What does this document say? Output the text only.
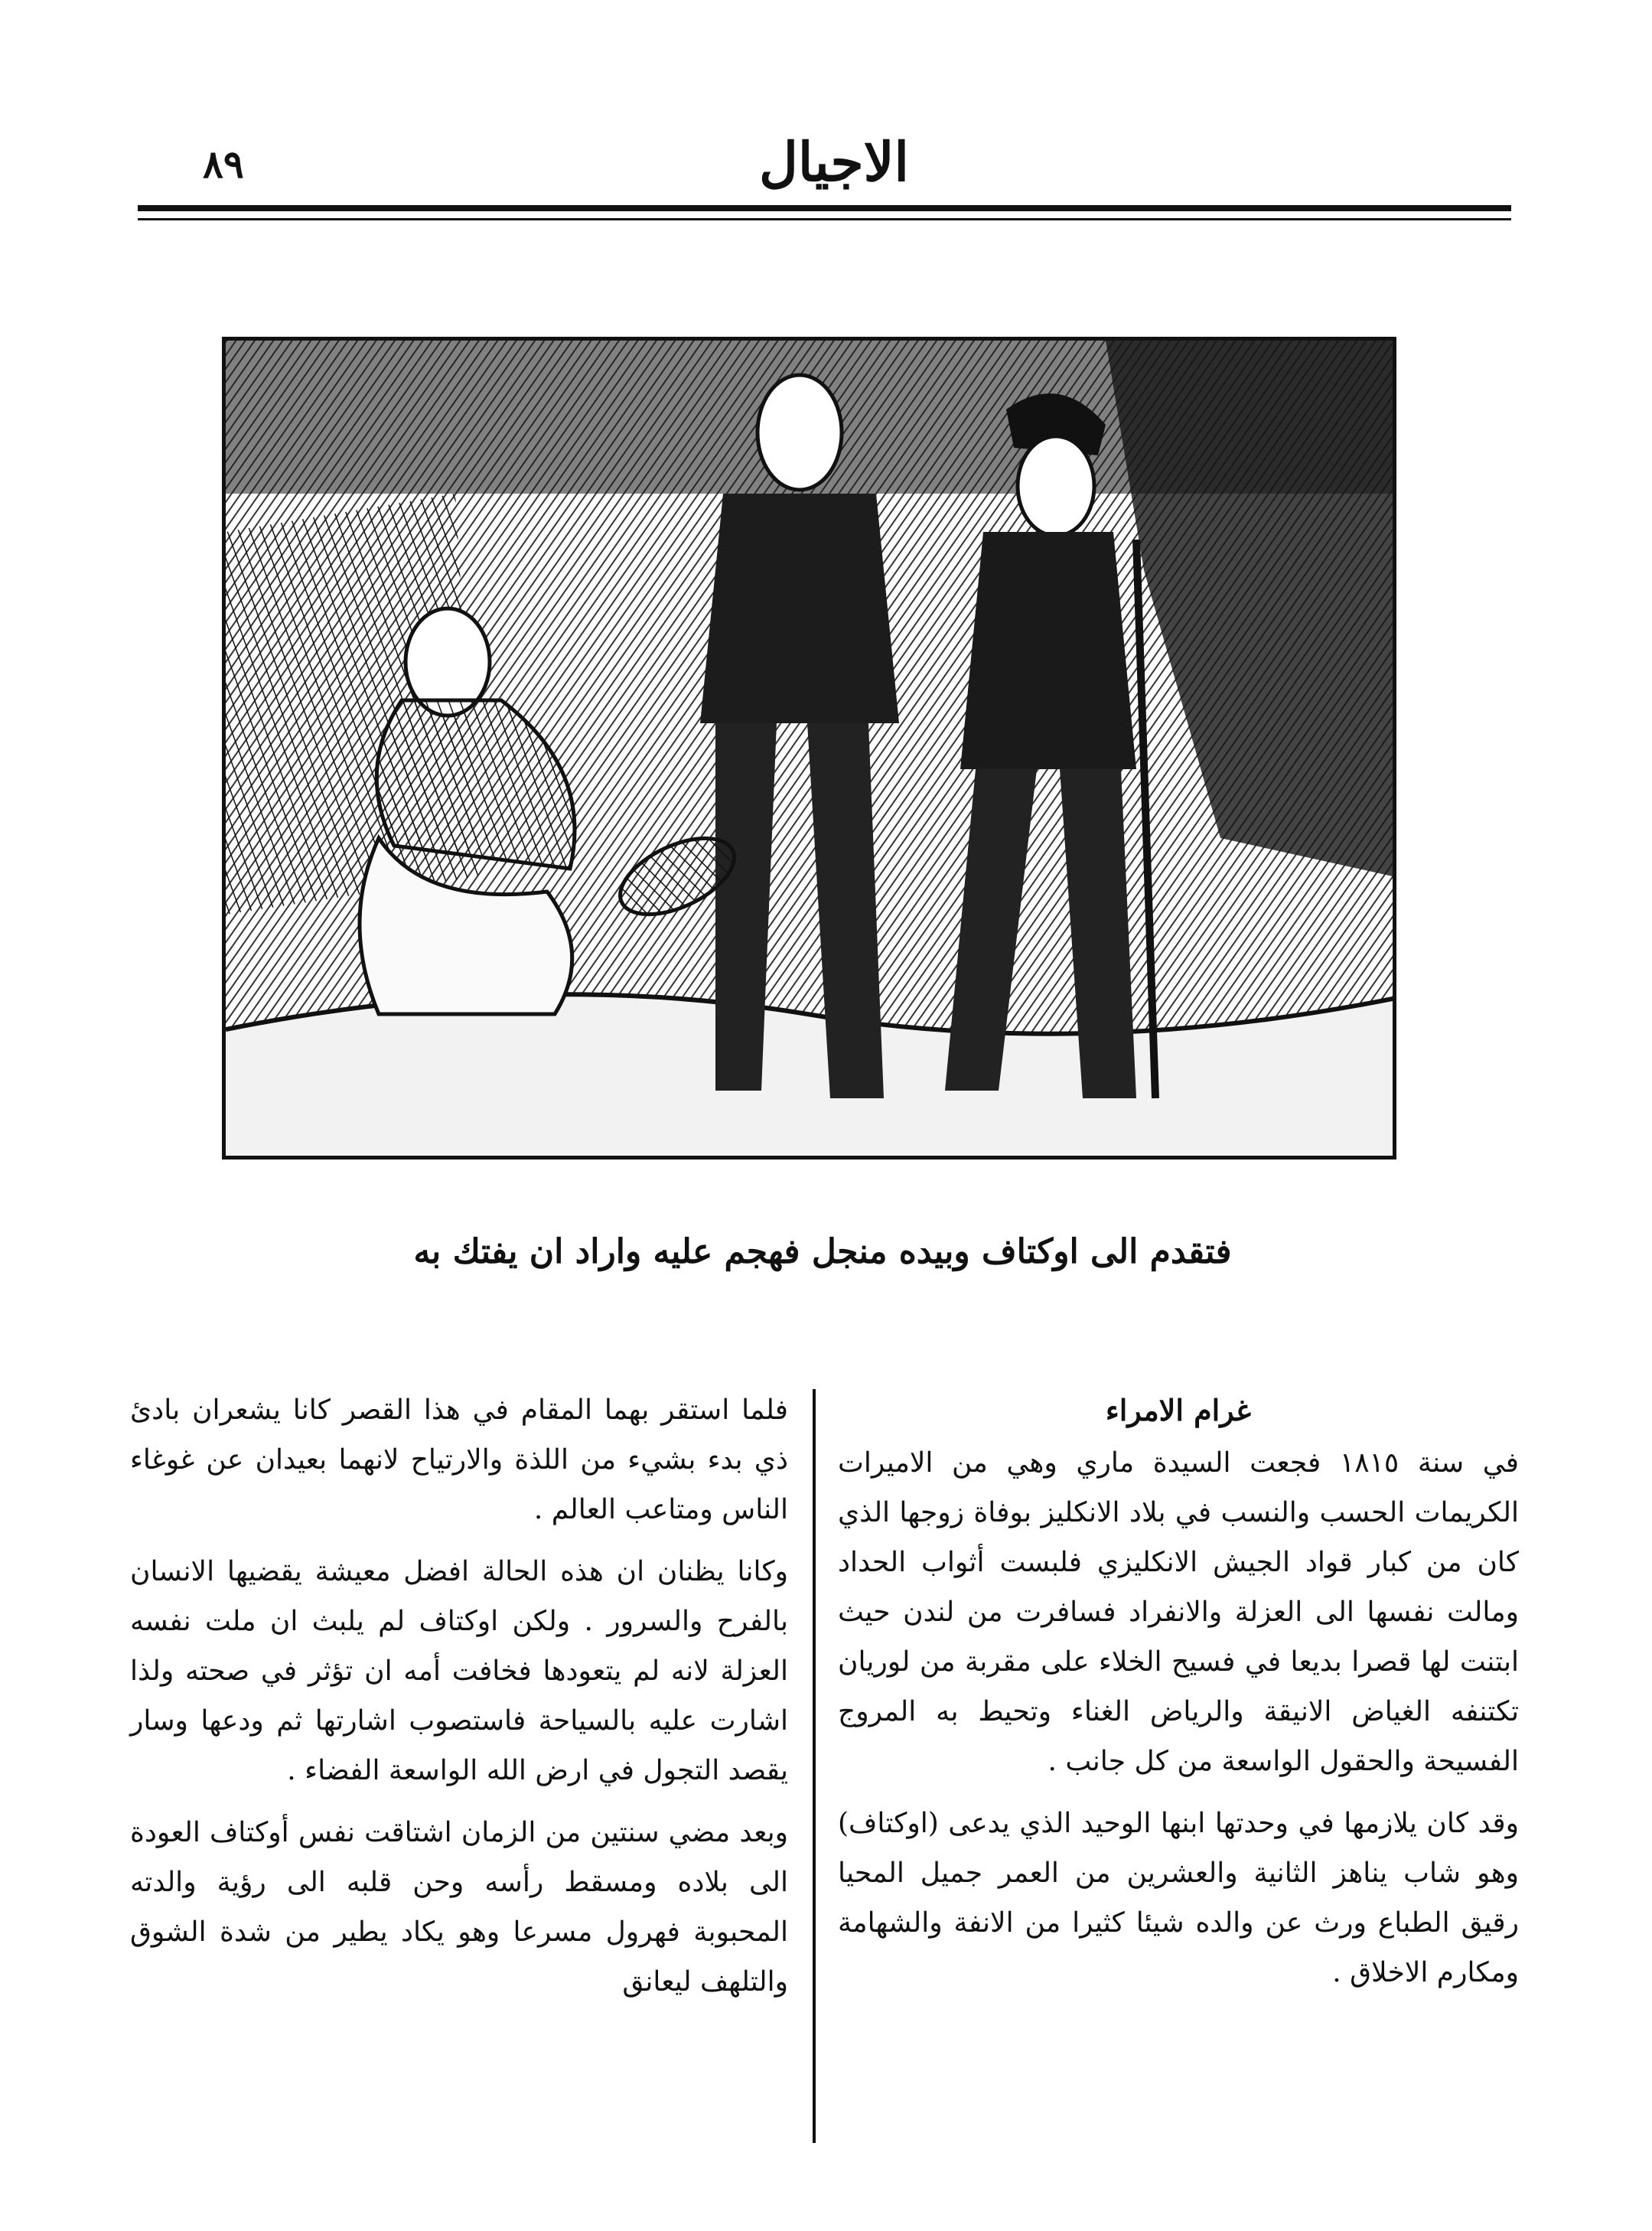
٨٩	الاجيال
فتقدم الى اوكتاف وبيده منجل فهجم عليه واراد ان يفتك به

غرام الامراء

في سنة ١٨١٥ فجعت السيدة ماري وهي من الاميرات الكريمات الحسب والنسب في بلاد الانكليز بوفاة زوجها الذي كان من كبار قواد الجيش الانكليزي فلبست أثواب الحداد ومالت نفسها الى العزلة والانفراد فسافرت من لندن حيث ابتنت لها قصرا بديعا في فسيح الخلاء على مقربة من لوريان تكتنفه الغياض الانيقة والرياض الغناء وتحيط به المروج الفسيحة والحقول الواسعة من كل جانب .

وقد كان يلازمها في وحدتها ابنها الوحيد الذي يدعى (اوكتاف) وهو شاب يناهز الثانية والعشرين من العمر جميل المحيا رقيق الطباع ورث عن والده شيئا كثيرا من الانفة والشهامة ومكارم الاخلاق .

فلما استقر بهما المقام في هذا القصر كانا يشعران بادئ ذي بدء بشيء من اللذة والارتياح لانهما بعيدان عن غوغاء الناس ومتاعب العالم .

وكانا يظنان ان هذه الحالة افضل معيشة يقضيها الانسان بالفرح والسرور . ولكن اوكتاف لم يلبث ان ملت نفسه العزلة لانه لم يتعودها فخافت أمه ان تؤثر في صحته ولذا اشارت عليه بالسياحة فاستصوب اشارتها ثم ودعها وسار يقصد التجول في ارض الله الواسعة الفضاء .

وبعد مضي سنتين من الزمان اشتاقت نفس أوكتاف العودة الى بلاده ومسقط رأسه وحن قلبه الى رؤية والدته المحبوبة فهرول مسرعا وهو يكاد يطير من شدة الشوق والتلهف ليعانق
